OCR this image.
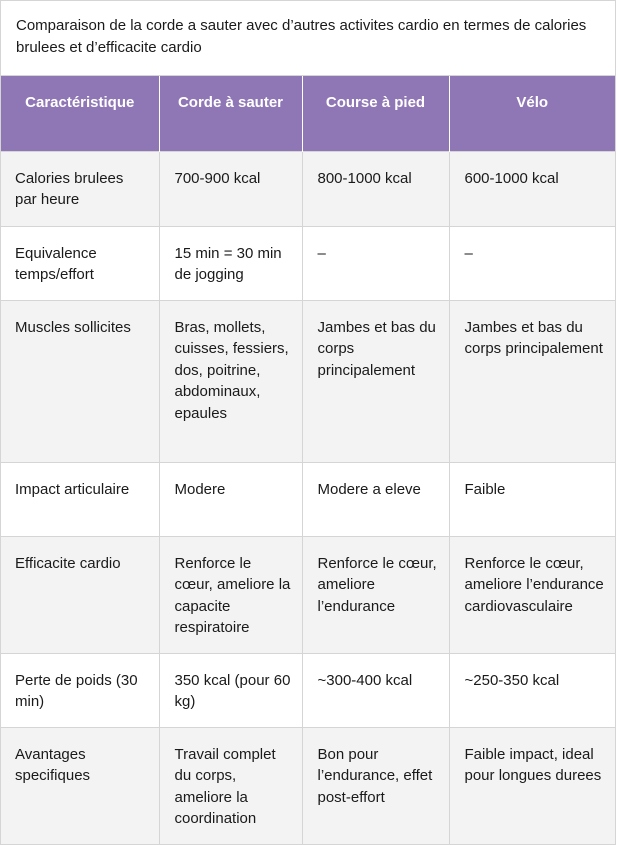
Comparaison de la corde a sauter avec d’autres activites cardio en termes de calories brulees et d’efficacite cardio
Caractéristique	Corde à sauter	Course à pied	Vélo
Calories brulees par heure	700-900 kcal	800-1000 kcal	600-1000 kcal
Equivalence temps/effort	15 min = 30 min de jogging	–	–
Muscles sollicites	Bras, mollets, cuisses, fessiers, dos, poitrine, abdominaux, epaules	Jambes et bas du corps principalement	Jambes et bas du corps principalement
Impact articulaire	Modere	Modere a eleve	Faible
Efficacite cardio	Renforce le cœur, ameliore la capacite respiratoire	Renforce le cœur, ameliore l’endurance	Renforce le cœur, ameliore l’endurance cardiovasculaire
Perte de poids (30 min)	350 kcal (pour 60 kg)	~300-400 kcal	~250-350 kcal
Avantages specifiques	Travail complet du corps, ameliore la coordination	Bon pour l’endurance, effet post-effort	Faible impact, ideal pour longues durees
